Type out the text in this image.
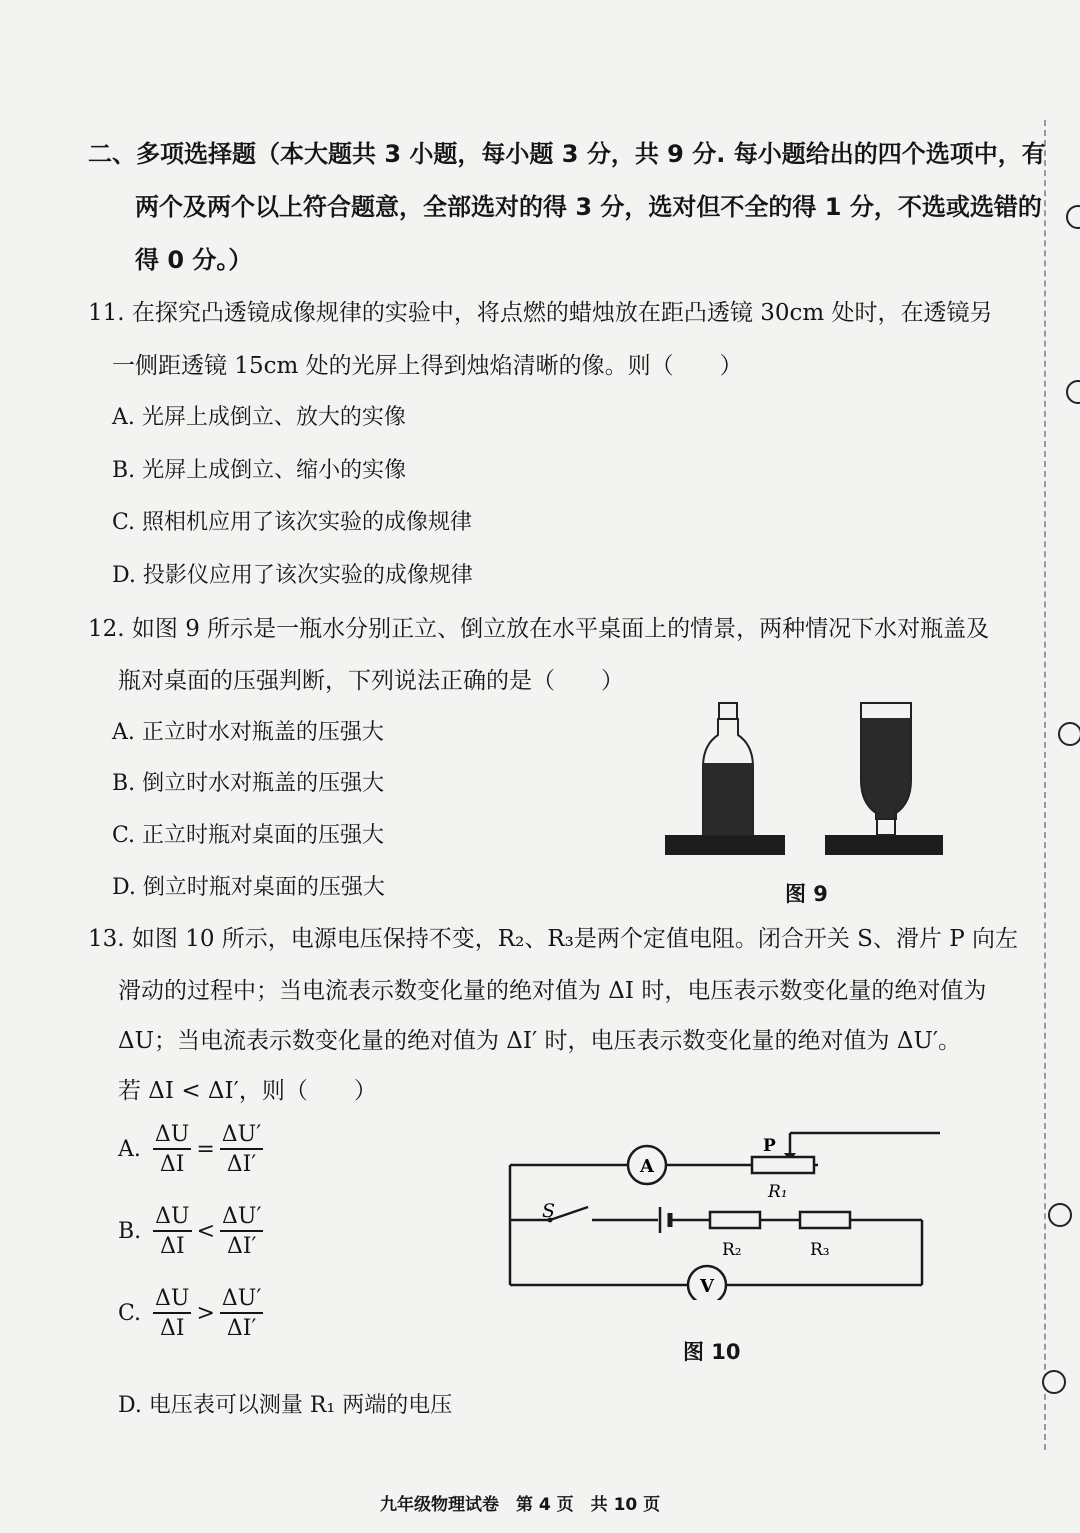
二、多项选择题（本大题共 3 小题，每小题 3 分，共 9 分. 每小题给出的四个选项中，有
两个及两个以上符合题意，全部选对的得 3 分，选对但不全的得 1 分，不选或选错的
得 0 分。）
11. 在探究凸透镜成像规律的实验中，将点燃的蜡烛放在距凸透镜 30cm 处时，在透镜另
一侧距透镜 15cm 处的光屏上得到烛焰清晰的像。则（　　）
A. 光屏上成倒立、放大的实像
B. 光屏上成倒立、缩小的实像
C. 照相机应用了该次实验的成像规律
D. 投影仪应用了该次实验的成像规律
12. 如图 9 所示是一瓶水分别正立、倒立放在水平桌面上的情景，两种情况下水对瓶盖及
瓶对桌面的压强判断，下列说法正确的是（　　）
A. 正立时水对瓶盖的压强大
B. 倒立时水对瓶盖的压强大
C. 正立时瓶对桌面的压强大
D. 倒立时瓶对桌面的压强大	图 9
13. 如图 10 所示，电源电压保持不变，R₂、R₃是两个定值电阻。闭合开关 S、滑片 P 向左
滑动的过程中；当电流表示数变化量的绝对值为 ΔI 时，电压表示数变化量的绝对值为
ΔU；当电流表示数变化量的绝对值为 ΔI′ 时，电压表示数变化量的绝对值为 ΔU′。
若 ΔI < ΔI′，则（　　）
A. $\frac{\Delta U}{\Delta I} = \frac{\Delta U'}{\Delta I'}$
B. $\frac{\Delta U}{\Delta I} < \frac{\Delta U'}{\Delta I'}$
C. $\frac{\Delta U}{\Delta I} > \frac{\Delta U'}{\Delta I'}$
D. 电压表可以测量 R₁ 两端的电压
A
P
R₁
S
R₂	R₃
V
图 10
九年级物理试卷　第 4 页　共 10 页
